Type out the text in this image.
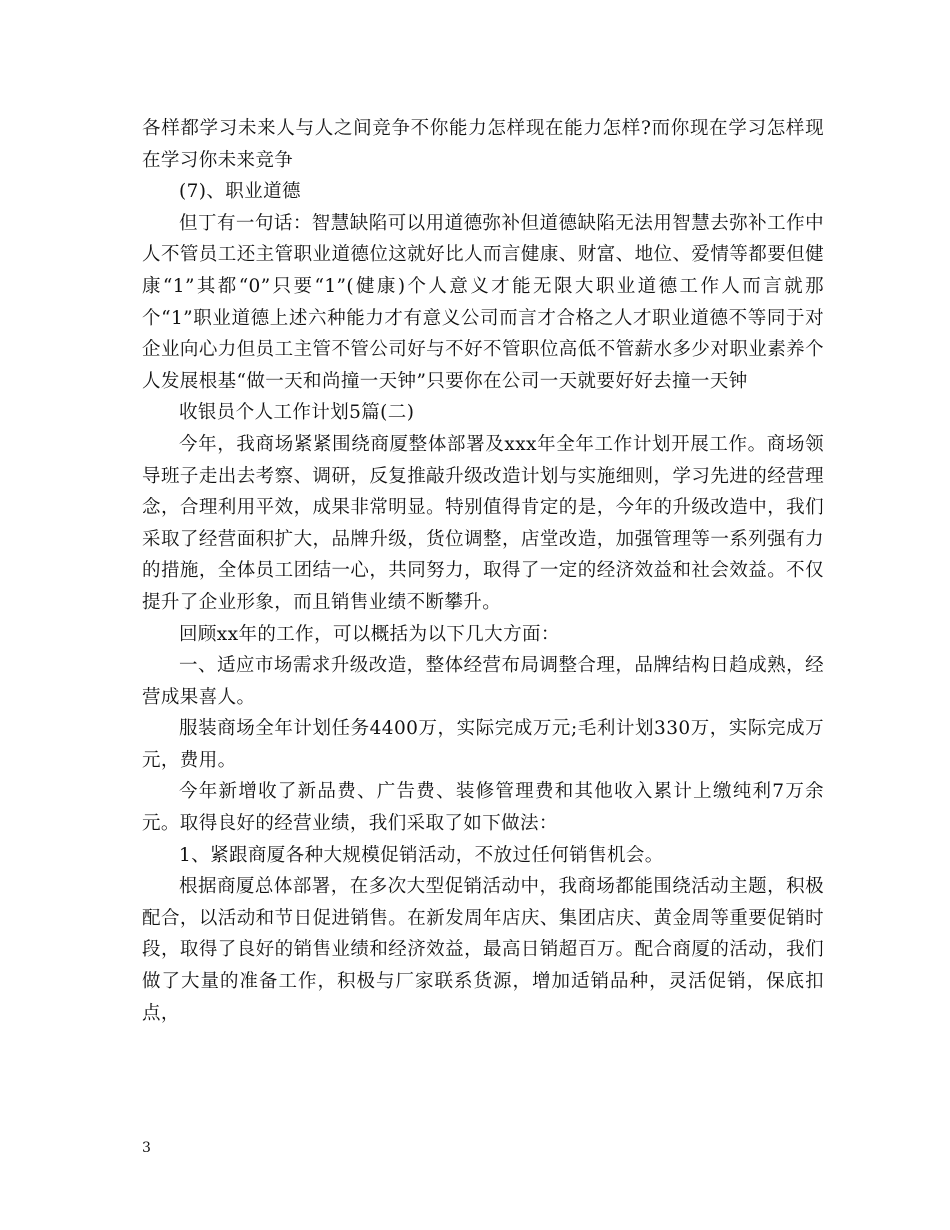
各样都学习未来人与人之间竞争不你能力怎样现在能力怎样?而你现在学习怎样现在学习你未来竞争

(7)、职业道德

但丁有一句话：智慧缺陷可以用道德弥补但道德缺陷无法用智慧去弥补工作中人不管员工还主管职业道德位这就好比人而言健康、财富、地位、爱情等都要但健康“1”其都“0”只要“1”(健康)个人意义才能无限大职业道德工作人而言就那个“1”职业道德上述六种能力才有意义公司而言才合格之人才职业道德不等同于对企业向心力但员工主管不管公司好与不好不管职位高低不管薪水多少对职业素养个人发展根基“做一天和尚撞一天钟”只要你在公司一天就要好好去撞一天钟

收银员个人工作计划5篇(二)

今年，我商场紧紧围绕商厦整体部署及xxx年全年工作计划开展工作。商场领导班子走出去考察、调研，反复推敲升级改造计划与实施细则，学习先进的经营理念，合理利用平效，成果非常明显。特别值得肯定的是，今年的升级改造中，我们采取了经营面积扩大，品牌升级，货位调整，店堂改造，加强管理等一系列强有力的措施，全体员工团结一心，共同努力，取得了一定的经济效益和社会效益。不仅提升了企业形象，而且销售业绩不断攀升。

回顾xx年的工作，可以概括为以下几大方面：

一、适应市场需求升级改造，整体经营布局调整合理，品牌结构日趋成熟，经营成果喜人。

服装商场全年计划任务4400万，实际完成万元;毛利计划330万，实际完成万元，费用。

今年新增收了新品费、广告费、装修管理费和其他收入累计上缴纯利7万余元。取得良好的经营业绩，我们采取了如下做法：

1、紧跟商厦各种大规模促销活动，不放过任何销售机会。

根据商厦总体部署，在多次大型促销活动中，我商场都能围绕活动主题，积极配合，以活动和节日促进销售。在新发周年店庆、集团店庆、黄金周等重要促销时段，取得了良好的销售业绩和经济效益，最高日销超百万。配合商厦的活动，我们做了大量的准备工作，积极与厂家联系货源，增加适销品种，灵活促销，保底扣点，

3
